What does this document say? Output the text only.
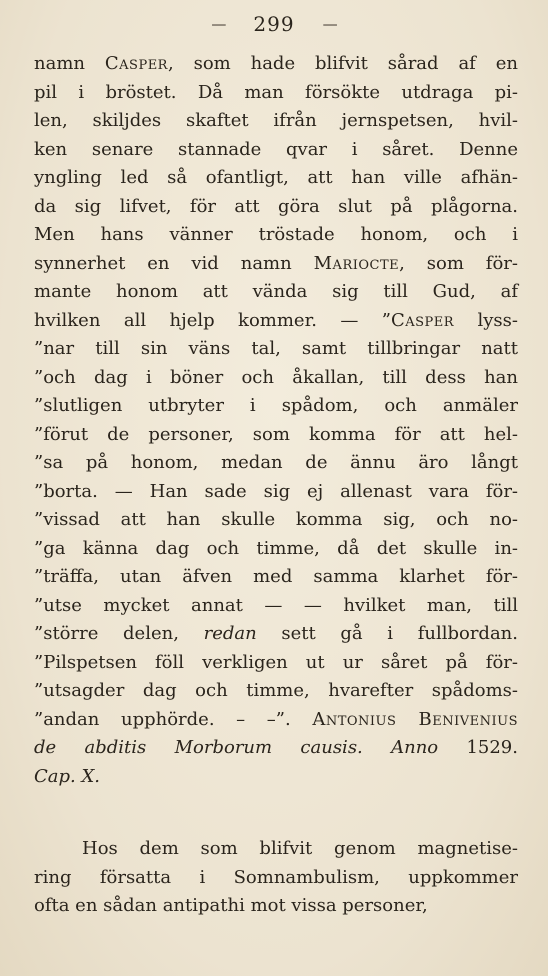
— 299 —
namn Casper, som hade blifvit sårad af en
pil i bröstet. Då man försökte utdraga pi-
len, skiljdes skaftet ifrån jernspetsen, hvil-
ken senare stannade qvar i såret. Denne
yngling led så ofantligt, att han ville afhän-
da sig lifvet, för att göra slut på plågorna.
Men hans vänner tröstade honom, och i
synnerhet en vid namn Mariocte, som för-
mante honom att vända sig till Gud, af
hvilken all hjelp kommer. — ”Casper lyss-
”nar till sin väns tal, samt tillbringar natt
”och dag i böner och åkallan, till dess han
”slutligen utbryter i spådom, och anmäler
”förut de personer, som komma för att hel-
”sa på honom, medan de ännu äro långt
”borta. — Han sade sig ej allenast vara för-
”vissad att han skulle komma sig, och no-
”ga känna dag och timme, då det skulle in-
”träffa, utan äfven med samma klarhet för-
”utse mycket annat — — hvilket man, till
”större delen, redan sett gå i fullbordan.
”Pilspetsen föll verkligen ut ur såret på för-
”utsagder dag och timme, hvarefter spådoms-
”andan upphörde. – –”. Antonius Benivenius
de abditis Morborum causis. Anno 1529.
Cap. X.
Hos dem som blifvit genom magnetise-
ring försatta i Somnambulism, uppkommer
ofta en sådan antipathi mot vissa personer,
